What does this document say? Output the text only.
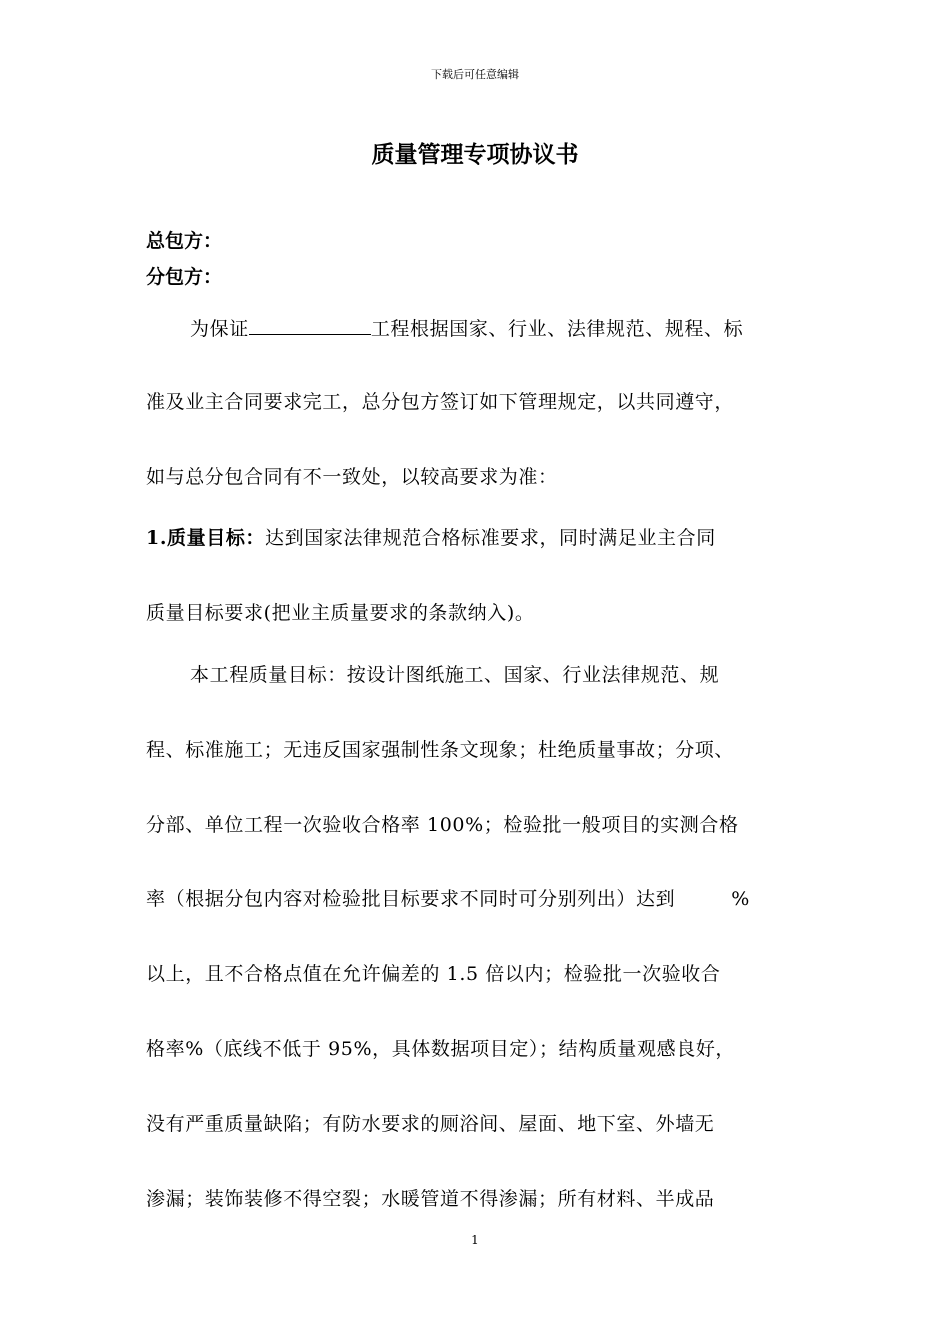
下载后可任意编辑
质量管理专项协议书
总包方：
分包方：
为保证	工程根据国家、行业、法律规范、规程、标
准及业主合同要求完工，总分包方签订如下管理规定，以共同遵守，
如与总分包合同有不一致处，以较高要求为准：
1.质量目标：达到国家法律规范合格标准要求，同时满足业主合同
质量目标要求(把业主质量要求的条款纳入)。
本工程质量目标：按设计图纸施工、国家、行业法律规范、规
程、标准施工；无违反国家强制性条文现象；杜绝质量事故；分项、
分部、单位工程一次验收合格率 100%；检验批一般项目的实测合格
率（根据分包内容对检验批目标要求不同时可分别列出）达到	%
以上，且不合格点值在允许偏差的 1.5 倍以内；检验批一次验收合
格率%（底线不低于 95%，具体数据项目定）；结构质量观感良好，
没有严重质量缺陷；有防水要求的厕浴间、屋面、地下室、外墙无
渗漏；装饰装修不得空裂；水暖管道不得渗漏；所有材料、半成品
1
